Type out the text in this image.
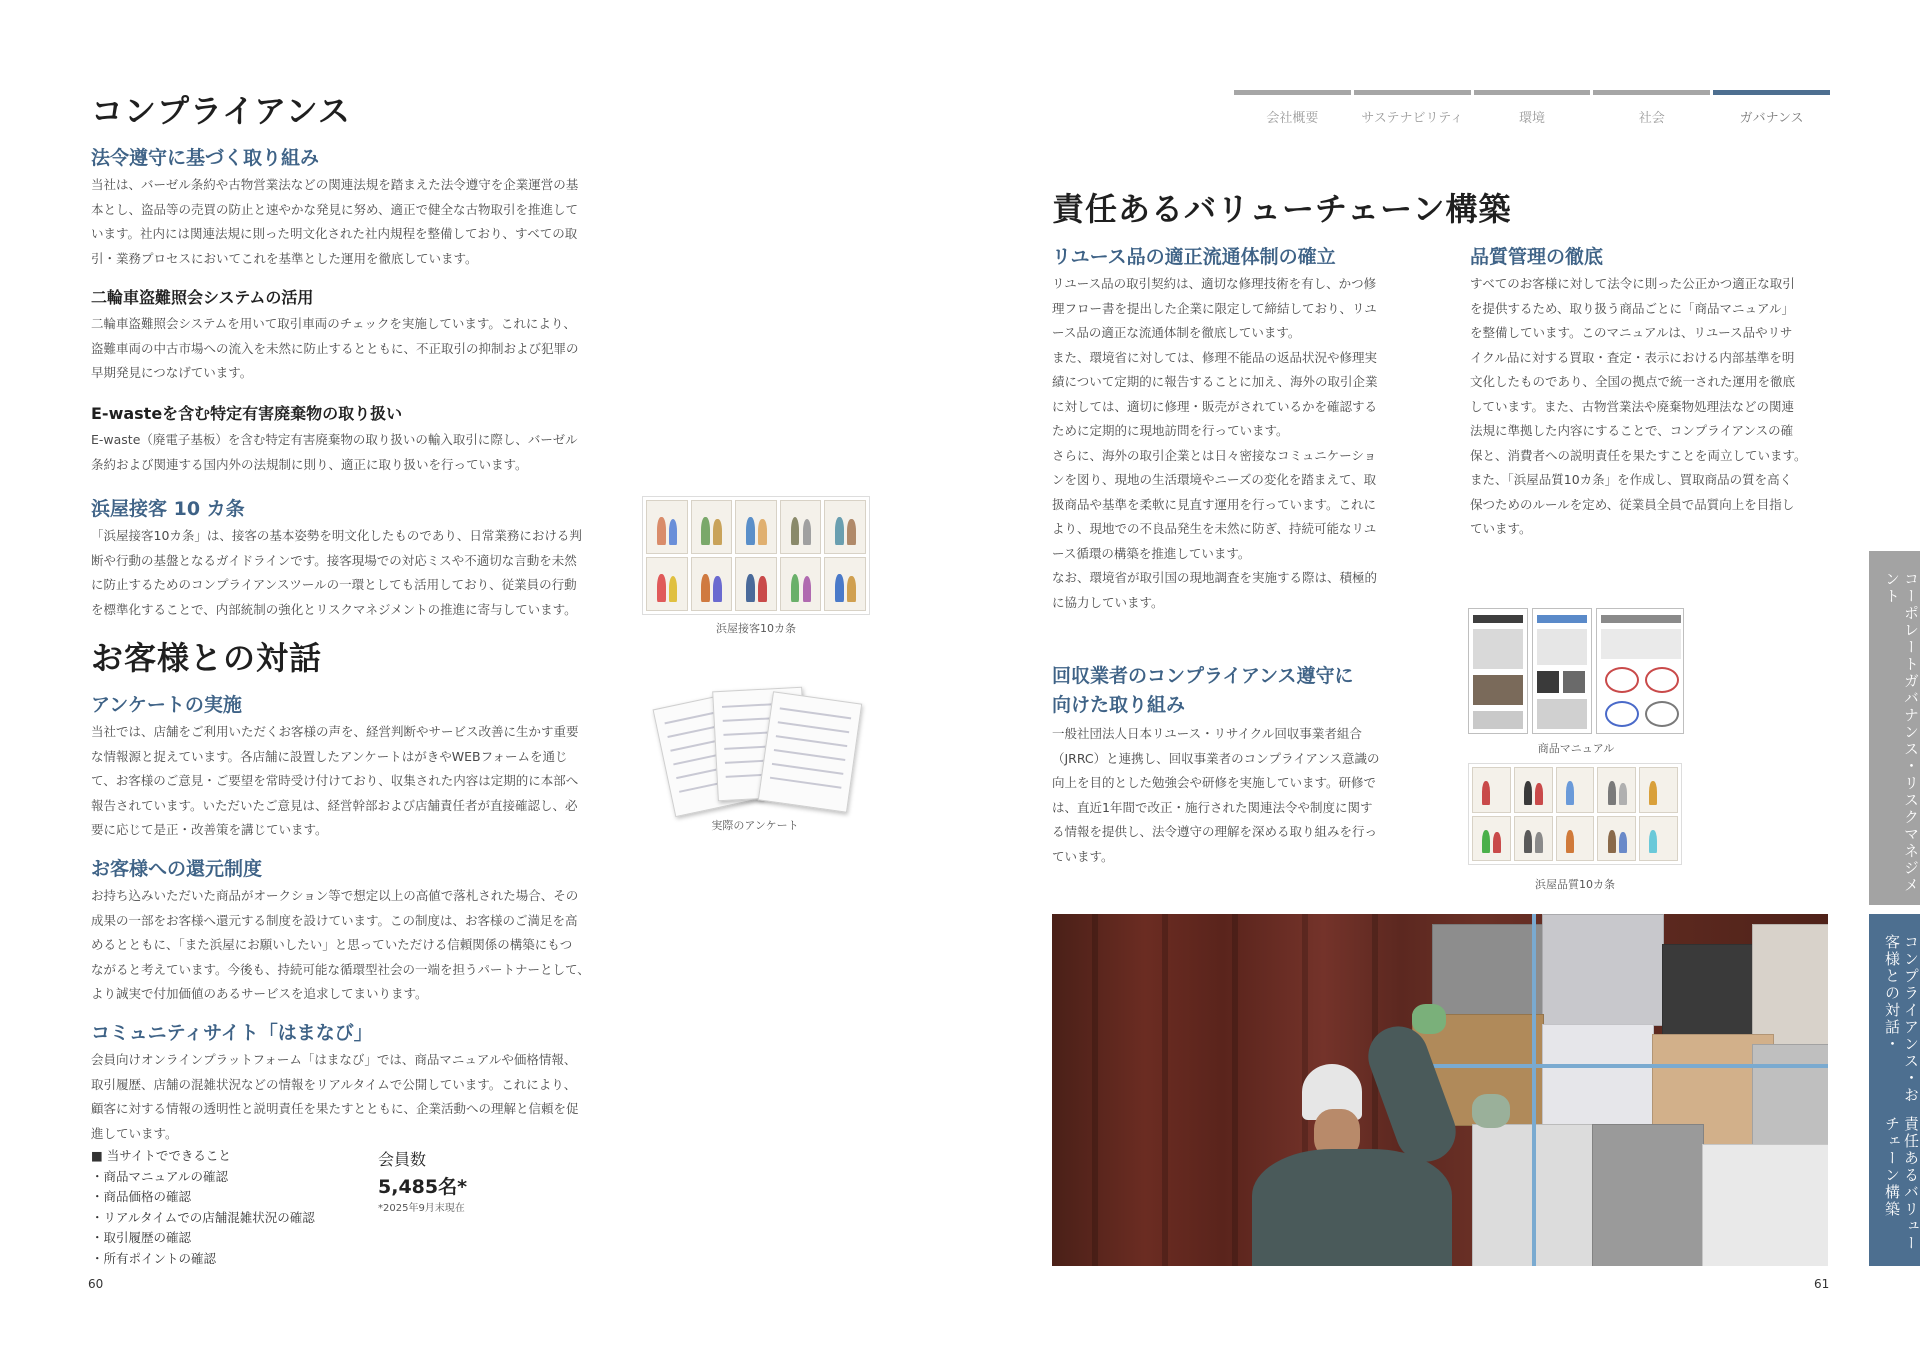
会社概要	サステナビリティ	環境	社会	ガバナンス
コンプライアンス
法令遵守に基づく取り組み

当社は、バーゼル条約や古物営業法などの関連法規を踏まえた法令遵守を企業運営の基

本とし、盗品等の売買の防止と速やかな発見に努め、適正で健全な古物取引を推進して

います。社内には関連法規に則った明文化された社内規程を整備しており、すべての取

引・業務プロセスにおいてこれを基準とした運用を徹底しています。

二輪車盗難照会システムの活用

二輪車盗難照会システムを用いて取引車両のチェックを実施しています。これにより、

盗難車両の中古市場への流入を未然に防止するとともに、不正取引の抑制および犯罪の

早期発見につなげています。

E-wasteを含む特定有害廃棄物の取り扱い

E-waste（廃電子基板）を含む特定有害廃棄物の取り扱いの輸入取引に際し、バーゼル

条約および関連する国内外の法規制に則り、適正に取り扱いを行っています。

浜屋接客 10 カ条

「浜屋接客10カ条」は、接客の基本姿勢を明文化したものであり、日常業務における判

断や行動の基盤となるガイドラインです。接客現場での対応ミスや不適切な言動を未然

に防止するためのコンプライアンスツールの一環としても活用しており、従業員の行動

を標準化することで、内部統制の強化とリスクマネジメントの推進に寄与しています。

浜屋接客10カ条
お客様との対話
アンケートの実施

当社では、店舗をご利用いただくお客様の声を、経営判断やサービス改善に生かす重要

な情報源と捉えています。各店舗に設置したアンケートはがきやWEBフォームを通じ

て、お客様のご意見・ご要望を常時受け付けており、収集された内容は定期的に本部へ

報告されています。いただいたご意見は、経営幹部および店舗責任者が直接確認し、必

要に応じて是正・改善策を講じています。	実際のアンケート
お客様への還元制度

お持ち込みいただいた商品がオークション等で想定以上の高値で落札された場合、その

成果の一部をお客様へ還元する制度を設けています。この制度は、お客様のご満足を高

めるとともに、「また浜屋にお願いしたい」と思っていただける信頼関係の構築にもつ

ながると考えています。今後も、持続可能な循環型社会の一端を担うパートナーとして、

より誠実で付加価値のあるサービスを追求してまいります。

コミュニティサイト「はまなび」

会員向けオンラインプラットフォーム「はまなび」では、商品マニュアルや価格情報、

取引履歴、店舗の混雑状況などの情報をリアルタイムで公開しています。これにより、

顧客に対する情報の透明性と説明責任を果たすとともに、企業活動への理解と信頼を促

進しています。

■ 当サイトでできること
・商品マニュアルの確認
・商品価格の確認
・リアルタイムでの店舗混雑状況の確認
・取引履歴の確認
・所有ポイントの確認
会員数
5,485名*
*2025年9月末現在
60
責任あるバリューチェーン構築
リユース品の適正流通体制の確立

リユース品の取引契約は、適切な修理技術を有し、かつ修

理フロー書を提出した企業に限定して締結しており、リユ

ース品の適正な流通体制を徹底しています。

また、環境省に対しては、修理不能品の返品状況や修理実

績について定期的に報告することに加え、海外の取引企業

に対しては、適切に修理・販売がされているかを確認する

ために定期的に現地訪問を行っています。

さらに、海外の取引企業とは日々密接なコミュニケーショ

ンを図り、現地の生活環境やニーズの変化を踏まえて、取

扱商品や基準を柔軟に見直す運用を行っています。これに

より、現地での不良品発生を未然に防ぎ、持続可能なリユ

ース循環の構築を推進しています。

なお、環境省が取引国の現地調査を実施する際は、積極的

に協力しています。

品質管理の徹底

すべてのお客様に対して法令に則った公正かつ適正な取引

を提供するため、取り扱う商品ごとに「商品マニュアル」

を整備しています。このマニュアルは、リユース品やリサ

イクル品に対する買取・査定・表示における内部基準を明

文化したものであり、全国の拠点で統一された運用を徹底

しています。また、古物営業法や廃棄物処理法などの関連

法規に準拠した内容にすることで、コンプライアンスの確

保と、消費者への説明責任を果たすことを両立しています。

また、「浜屋品質10カ条」を作成し、買取商品の質を高く

保つためのルールを定め、従業員全員で品質向上を目指し

ています。

回収業者のコンプライアンス遵守に
向けた取り組み

一般社団法人日本リユース・リサイクル回収事業者組合

（JRRC）と連携し、回収事業者のコンプライアンス意識の

向上を目的とした勉強会や研修を実施しています。研修で

は、直近1年間で改正・施行された関連法令や制度に関す

る情報を提供し、法令遵守の理解を深める取り組みを行っ

ています。

商品マニュアル
浜屋品質10カ条
61
コーポレートガバナンス・リスクマネジメント
コンプライアンス・お客様との対話・
責任あるバリューチェーン構築
